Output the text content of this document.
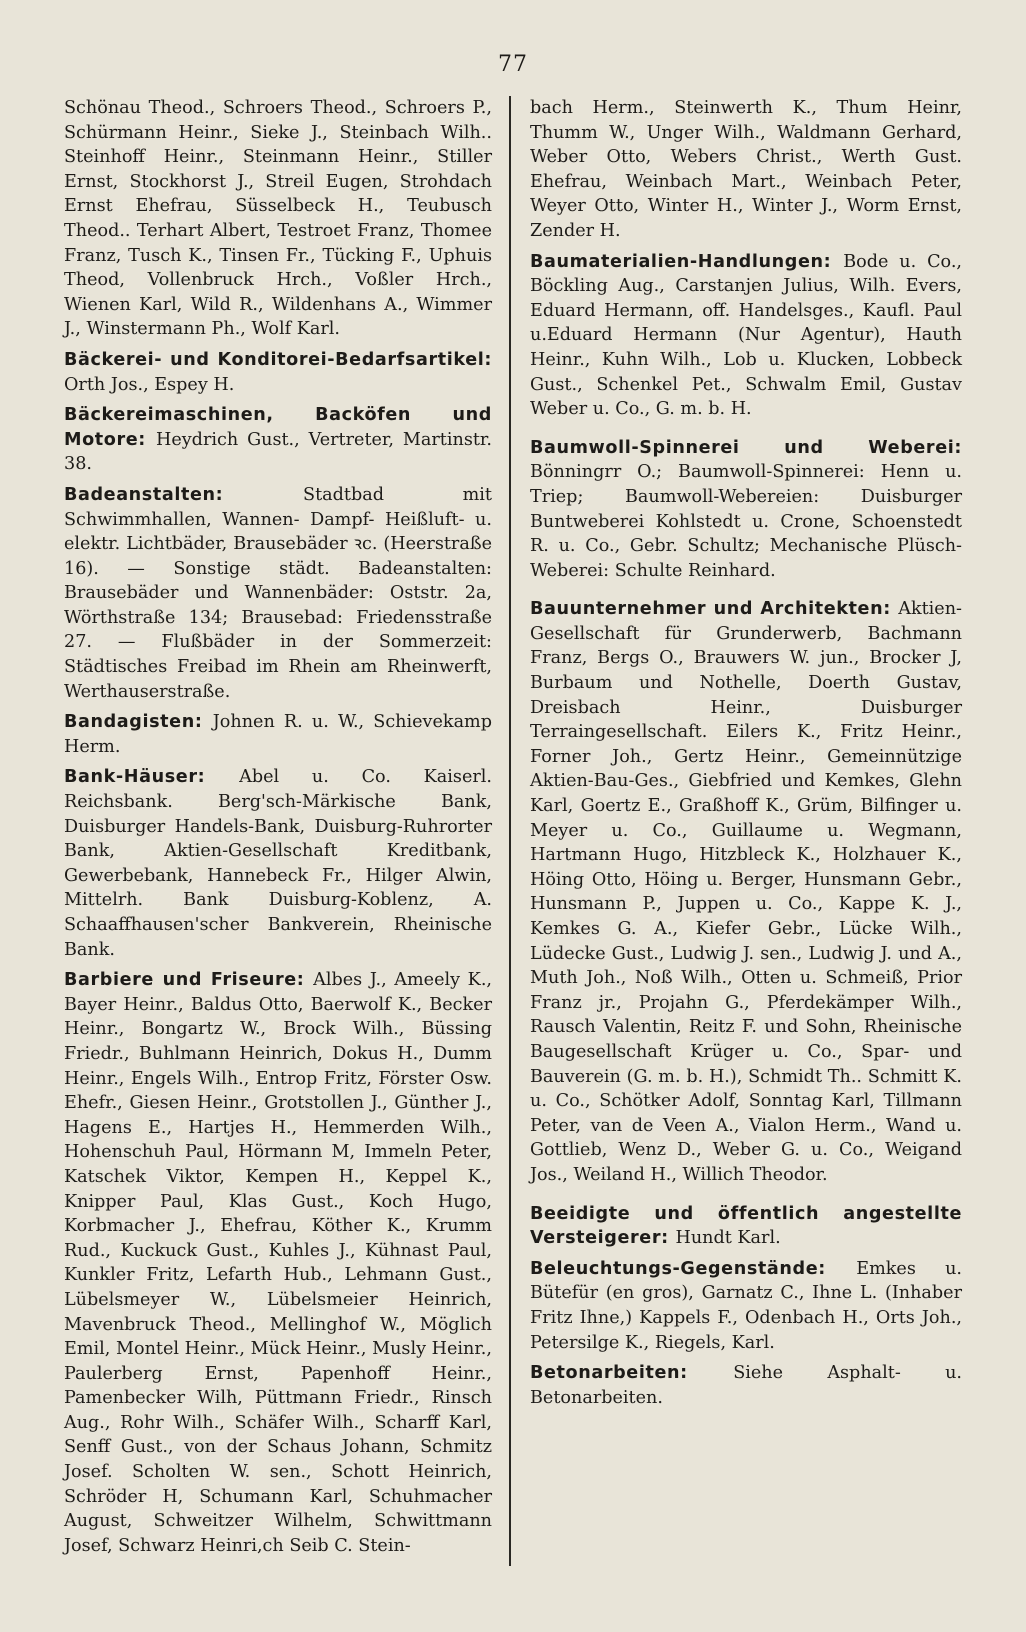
77

Schönau Theod., Schroers Theod., Schroers P., Schürmann Heinr., Sieke J., Steinbach Wilh.. Steinhoff Heinr., Steinmann Heinr., Stiller Ernst, Stockhorst J., Streil Eugen, Strohdach Ernst Ehefrau, Süsselbeck H., Teubusch Theod.. Terhart Albert, Testroet Franz, Thomee Franz, Tusch K., Tinsen Fr., Tücking F., Uphuis Theod, Vollenbruck Hrch., Voßler Hrch., Wienen Karl, Wild R., Wildenhans A., Wimmer J., Winstermann Ph., Wolf Karl.

Bäckerei- und Konditorei-Bedarfsartikel: Orth Jos., Espey H.

Bäckereimaschinen, Backöfen und Motore: Heydrich Gust., Vertreter, Martinstr. 38.

Badeanstalten: Stadtbad mit Schwimmhallen, Wannen- Dampf- Heißluft- u. elektr. Lichtbäder, Brausebäder ꝛc. (Heerstraße 16). — Sonstige städt. Badeanstalten: Brausebäder und Wannenbäder: Oststr. 2a, Wörthstraße 134; Brausebad: Friedensstraße 27. — Flußbäder in der Sommerzeit: Städtisches Freibad im Rhein am Rheinwerft, Werthauserstraße.

Bandagisten: Johnen R. u. W., Schievekamp Herm.

Bank-Häuser: Abel u. Co. Kaiserl. Reichsbank. Berg'sch-Märkische Bank, Duisburger Handels-Bank, Duisburg-Ruhrorter Bank, Aktien-Gesellschaft Kreditbank, Gewerbebank, Hannebeck Fr., Hilger Alwin, Mittelrh. Bank Duisburg-Koblenz, A. Schaaffhausen'scher Bankverein, Rheinische Bank.

Barbiere und Friseure: Albes J., Ameely K., Bayer Heinr., Baldus Otto, Baerwolf K., Becker Heinr., Bongartz W., Brock Wilh., Büssing Friedr., Buhlmann Heinrich, Dokus H., Dumm Heinr., Engels Wilh., Entrop Fritz, Förster Osw. Ehefr., Giesen Heinr., Grotstollen J., Günther J., Hagens E., Hartjes H., Hemmerden Wilh., Hohenschuh Paul, Hörmann M, Immeln Peter, Katschek Viktor, Kempen H., Keppel K., Knipper Paul, Klas Gust., Koch Hugo, Korbmacher J., Ehefrau, Köther K., Krumm Rud., Kuckuck Gust., Kuhles J., Kühnast Paul, Kunkler Fritz, Lefarth Hub., Lehmann Gust., Lübelsmeyer W., Lübelsmeier Heinrich, Mavenbruck Theod., Mellinghof W., Möglich Emil, Montel Heinr., Mück Heinr., Musly Heinr., Paulerberg Ernst, Papenhoff Heinr., Pamenbecker Wilh, Püttmann Friedr., Rinsch Aug., Rohr Wilh., Schäfer Wilh., Scharff Karl, Senff Gust., von der Schaus Johann, Schmitz Josef. Scholten W. sen., Schott Heinrich, Schröder H, Schumann Karl, Schuhmacher August, Schweitzer Wilhelm, Schwittmann Josef, Schwarz Heinri,ch Seib C. Stein-

bach Herm., Steinwerth K., Thum Heinr, Thumm W., Unger Wilh., Waldmann Gerhard, Weber Otto, Webers Christ., Werth Gust. Ehefrau, Weinbach Mart., Weinbach Peter, Weyer Otto, Winter H., Winter J., Worm Ernst, Zender H.

Baumaterialien-Handlungen: Bode u. Co., Böckling Aug., Carstanjen Julius, Wilh. Evers, Eduard Hermann, off. Handelsges., Kaufl. Paul u.Eduard Hermann (Nur Agentur), Hauth Heinr., Kuhn Wilh., Lob u. Klucken, Lobbeck Gust., Schenkel Pet., Schwalm Emil, Gustav Weber u. Co., G. m. b. H.

Baumwoll-Spinnerei und Weberei: Bönningrr O.; Baumwoll-Spinnerei: Henn u. Triep; Baumwoll-Webereien: Duisburger Buntweberei Kohlstedt u. Crone, Schoenstedt R. u. Co., Gebr. Schultz; Mechanische Plüsch-Weberei: Schulte Reinhard.

Bauunternehmer und Architekten: Aktien-Gesellschaft für Grunderwerb, Bachmann Franz, Bergs O., Brauwers W. jun., Brocker J, Burbaum und Nothelle, Doerth Gustav, Dreisbach Heinr., Duisburger Terraingesellschaft. Eilers K., Fritz Heinr., Forner Joh., Gertz Heinr., Gemeinnützige Aktien-Bau-Ges., Giebfried und Kemkes, Glehn Karl, Goertz E., Graßhoff K., Grüm, Bilfinger u. Meyer u. Co., Guillaume u. Wegmann, Hartmann Hugo, Hitzbleck K., Holzhauer K., Höing Otto, Höing u. Berger, Hunsmann Gebr., Hunsmann P., Juppen u. Co., Kappe K. J., Kemkes G. A., Kiefer Gebr., Lücke Wilh., Lüdecke Gust., Ludwig J. sen., Ludwig J. und A., Muth Joh., Noß Wilh., Otten u. Schmeiß, Prior Franz jr., Projahn G., Pferdekämper Wilh., Rausch Valentin, Reitz F. und Sohn, Rheinische Baugesellschaft Krüger u. Co., Spar- und Bauverein (G. m. b. H.), Schmidt Th.. Schmitt K. u. Co., Schötker Adolf, Sonntag Karl, Tillmann Peter, van de Veen A., Vialon Herm., Wand u. Gottlieb, Wenz D., Weber G. u. Co., Weigand Jos., Weiland H., Willich Theodor.

Beeidigte und öffentlich angestellte Versteigerer: Hundt Karl.

Beleuchtungs-Gegenstände: Emkes u. Bütefür (en gros), Garnatz C., Ihne L. (Inhaber Fritz Ihne,) Kappels F., Odenbach H., Orts Joh., Petersilge K., Riegels, Karl.

Betonarbeiten: Siehe Asphalt- u. Betonarbeiten.
